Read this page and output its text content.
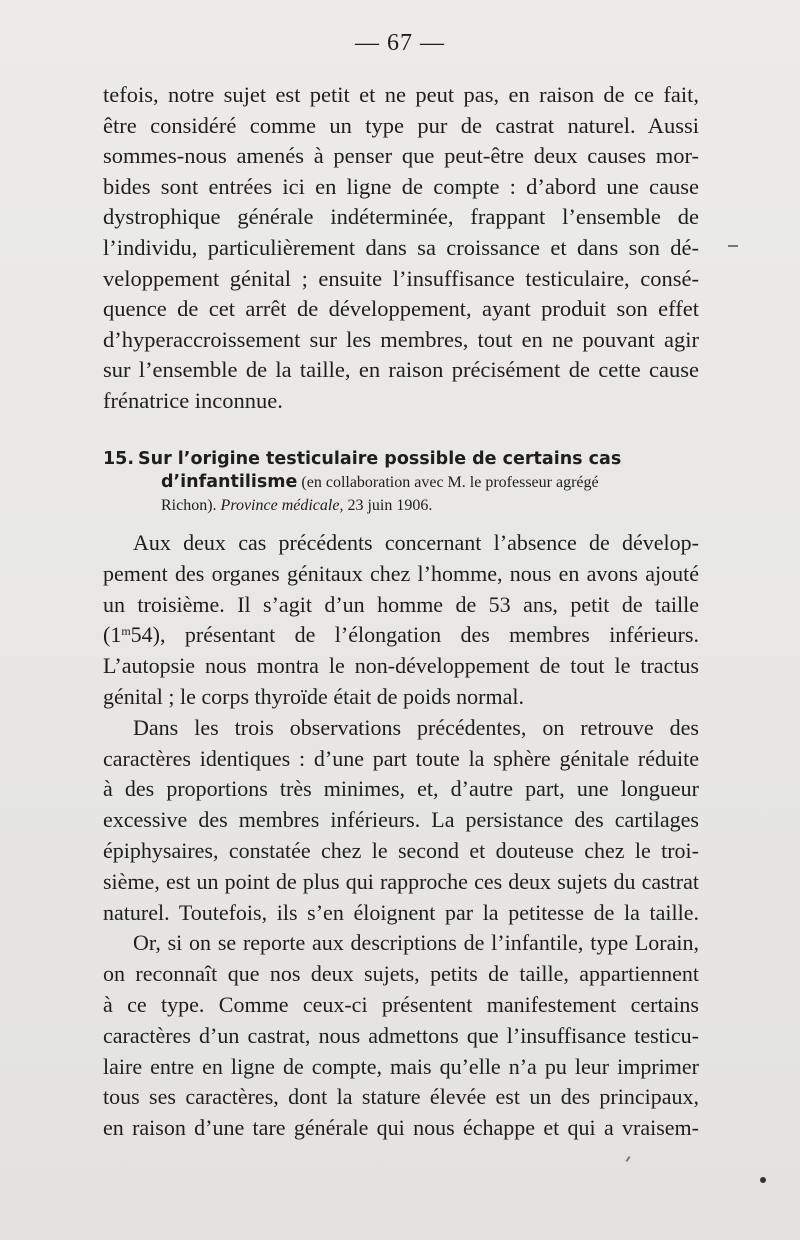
— 67 —
tefois, notre sujet est petit et ne peut pas, en raison de ce fait,
être considéré comme un type pur de castrat naturel. Aussi
sommes-nous amenés à penser que peut-être deux causes mor-
bides sont entrées ici en ligne de compte : d’abord une cause
dystrophique générale indéterminée, frappant l’ensemble de
l’individu, particulièrement dans sa croissance et dans son dé-
veloppement génital ; ensuite l’insuffisance testiculaire, consé-
quence de cet arrêt de développement, ayant produit son effet
d’hyperaccroissement sur les membres, tout en ne pouvant agir
sur l’ensemble de la taille, en raison précisément de cette cause
frénatrice inconnue.
15. Sur l’origine testiculaire possible de certains cas
d’infantilisme (en collaboration avec M. le professeur agrégé
Richon). Province médicale, 23 juin 1906.

Aux deux cas précédents concernant l’absence de dévelop-
pement des organes génitaux chez l’homme, nous en avons ajouté
un troisième. Il s’agit d’un homme de 53 ans, petit de taille
(1$^m$54), présentant de l’élongation des membres inférieurs.
L’autopsie nous montra le non-développement de tout le tractus
génital ; le corps thyroïde était de poids normal.

Dans les trois observations précédentes, on retrouve des
caractères identiques : d’une part toute la sphère génitale réduite
à des proportions très minimes, et, d’autre part, une longueur
excessive des membres inférieurs. La persistance des cartilages
épiphysaires, constatée chez le second et douteuse chez le troi-
sième, est un point de plus qui rapproche ces deux sujets du castrat
naturel. Toutefois, ils s’en éloignent par la petitesse de la taille.

Or, si on se reporte aux descriptions de l’infantile, type Lorain,
on reconnaît que nos deux sujets, petits de taille, appartiennent
à ce type. Comme ceux-ci présentent manifestement certains
caractères d’un castrat, nous admettons que l’insuffisance testicu-
laire entre en ligne de compte, mais qu’elle n’a pu leur imprimer
tous ses caractères, dont la stature élevée est un des principaux,
en raison d’une tare générale qui nous échappe et qui a vraisem-
